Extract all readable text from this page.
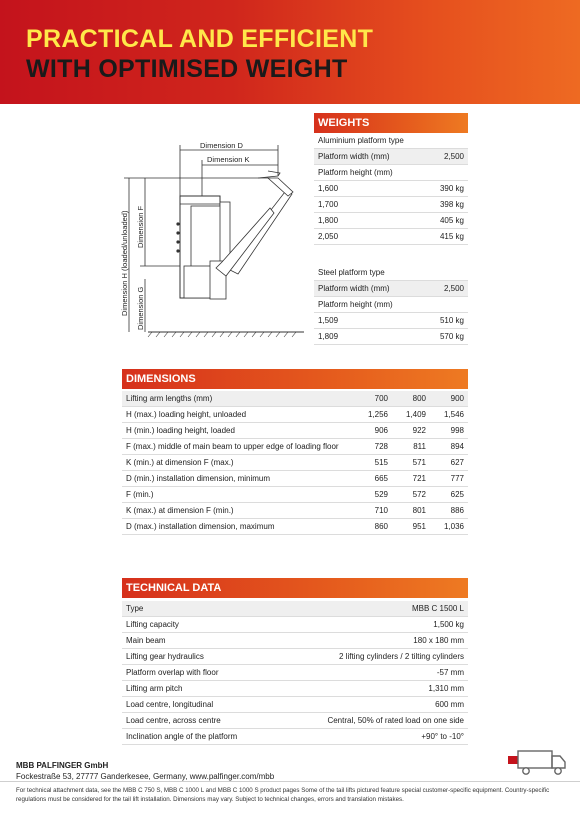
PRACTICAL AND EFFICIENT
WITH OPTIMISED WEIGHT
Dimension D
Dimension K
Dimension H (loaded/unloaded) Dimension F
Dimension G
WEIGHTS
Aluminium platform type
Platform width (mm)	2,500
Platform height (mm)
1,600	390 kg
1,700	398 kg
1,800	405 kg
2,050	415 kg
Steel platform type
Platform width (mm)	2,500
Platform height (mm)
1,509	510 kg
1,809	570 kg
DIMENSIONS
Lifting arm lengths (mm)	700	800	900
H (max.) loading height, unloaded	1,256	1,409	1,546
H (min.) loading height, loaded	906	922	998
F (max.) middle of main beam to upper edge of loading floor	728	811	894
K (min.) at dimension F (max.)	515	571	627
D (min.) installation dimension, minimum	665	721	777
F (min.)	529	572	625
K (max.) at dimension F (min.)	710	801	886
D (max.) installation dimension, maximum	860	951	1,036
TECHNICAL DATA
Type	MBB C 1500 L
Lifting capacity	1,500 kg
Main beam	180 x 180 mm
Lifting gear hydraulics	2 lifting cylinders / 2 tilting cylinders
Platform overlap with floor	-57 mm
Lifting arm pitch	1,310 mm
Load centre, longitudinal	600 mm
Load centre, across centre	Central, 50% of rated load on one side
Inclination angle of the platform	+90° to -10°
MBB PALFINGER GmbH
Fockestraße 53, 27777 Ganderkesee, Germany, www.palfinger.com/mbb
For technical attachment data, see the MBB C 750 S, MBB C 1000 L and MBB C 1000 S product pages Some of the tail lifts pictured feature special customer-specific equipment. Country-specific regulations must be considered for the tail lift installation. Dimensions may vary. Subject to technical changes, errors and translation mistakes.
